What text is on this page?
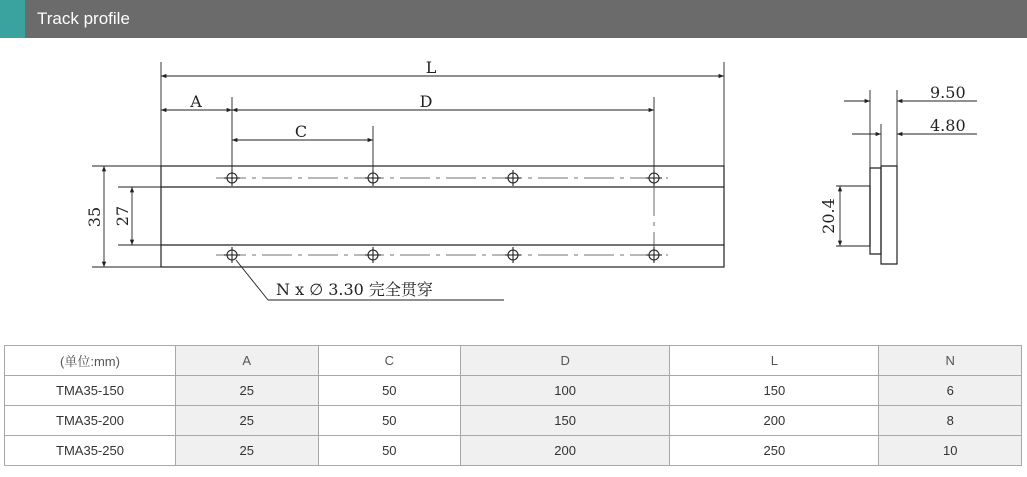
Track profile
L
A	D
C
35 27
N x ∅ 3.30 完全贯穿
9.50
4.80
20.4
(单位:mm)	A	C	D	L	N
TMA35-150	25	50	100	150	6
TMA35-200	25	50	150	200	8
TMA35-250	25	50	200	250	10
